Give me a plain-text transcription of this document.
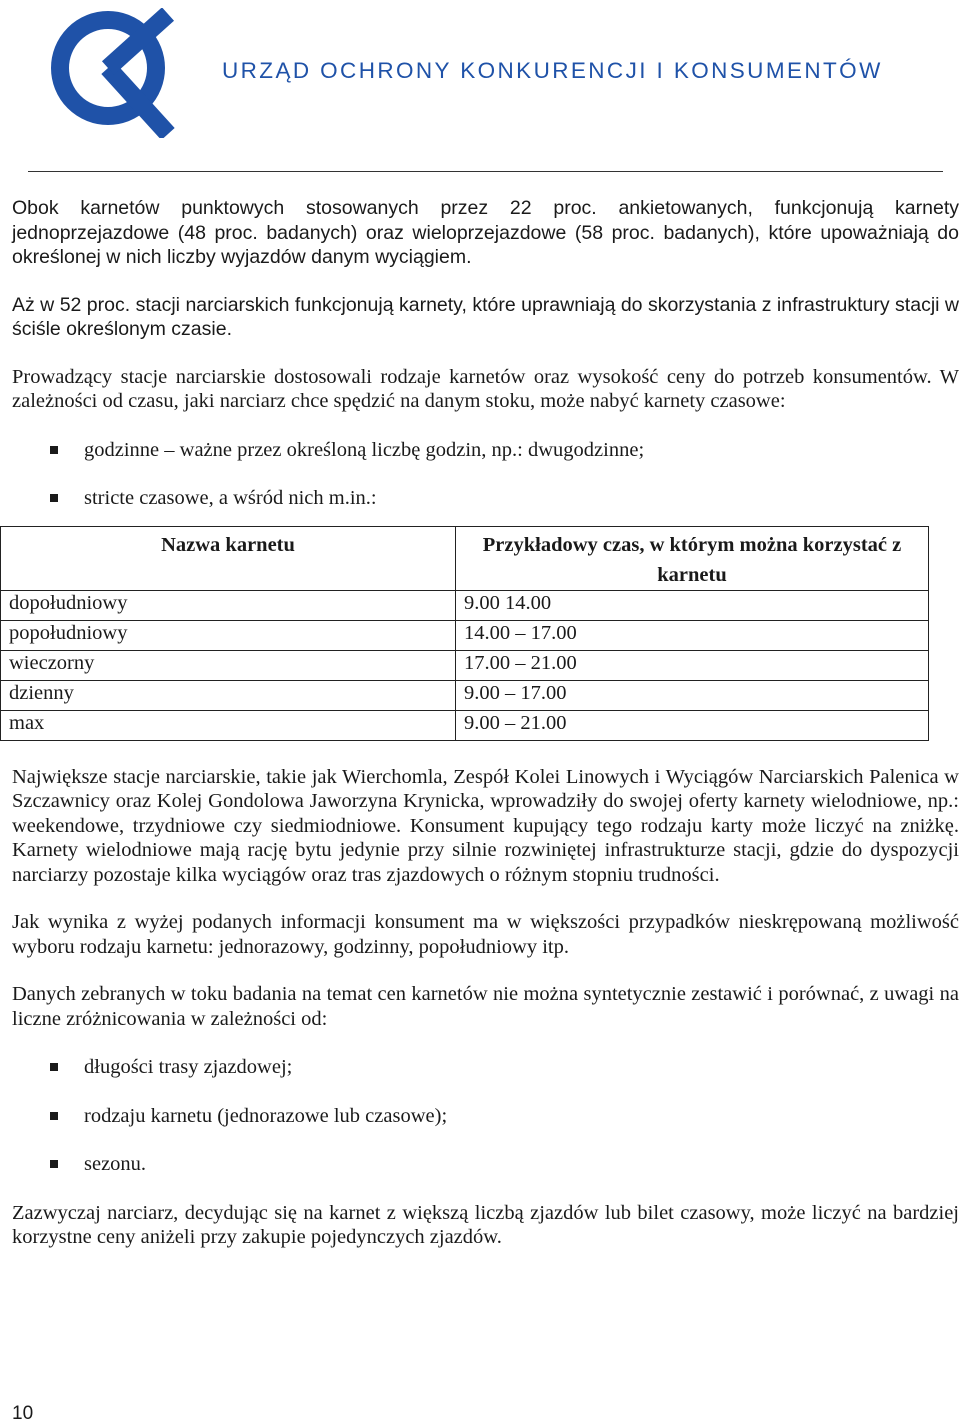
URZĄD OCHRONY KONKURENCJI I KONSUMENTÓW

Obok karnetów punktowych stosowanych przez 22 proc. ankietowanych, funkcjonują karnety jednoprzejazdowe (48 proc. badanych) oraz wieloprzejazdowe (58 proc. badanych), które upoważniają do określonej w nich liczby wyjazdów danym wyciągiem.

Aż w 52 proc. stacji narciarskich funkcjonują karnety, które uprawniają do skorzystania z infrastruktury stacji w ściśle określonym czasie.

Prowadzący stacje narciarskie dostosowali rodzaje karnetów oraz wysokość ceny do potrzeb konsumentów. W zależności od czasu, jaki narciarz chce spędzić na danym stoku, może nabyć karnety czasowe:

godzinne – ważne przez określoną liczbę godzin, np.: dwugodzinne;
stricte czasowe, a wśród nich m.in.:
Nazwa karnetu	Przykładowy czas, w którym można korzystać z karnetu
dopołudniowy	9.00 14.00
popołudniowy	14.00 – 17.00
wieczorny	17.00 – 21.00
dzienny	9.00 – 17.00
max	9.00 – 21.00

Największe stacje narciarskie, takie jak Wierchomla, Zespół Kolei Linowych i Wyciągów Narciarskich Palenica w Szczawnicy oraz Kolej Gondolowa Jaworzyna Krynicka, wprowadziły do swojej oferty karnety wielodniowe, np.: weekendowe, trzydniowe czy siedmiodniowe. Konsument kupujący tego rodzaju karty może liczyć na zniżkę. Karnety wielodniowe mają rację bytu jedynie przy silnie rozwiniętej infrastrukturze stacji, gdzie do dyspozycji narciarzy pozostaje kilka wyciągów oraz tras zjazdowych o różnym stopniu trudności.

Jak wynika z wyżej podanych informacji konsument ma w większości przypadków nieskrępowaną możliwość wyboru rodzaju karnetu: jednorazowy, godzinny, popołudniowy itp.

Danych zebranych w toku badania na temat cen karnetów nie można syntetycznie zestawić i porównać, z uwagi na liczne zróżnicowania w zależności od:

długości trasy zjazdowej;
rodzaju karnetu (jednorazowe lub czasowe);
sezonu.

Zazwyczaj narciarz, decydując się na karnet z większą liczbą zjazdów lub bilet czasowy, może liczyć na bardziej korzystne ceny aniżeli przy zakupie pojedynczych zjazdów.

10
